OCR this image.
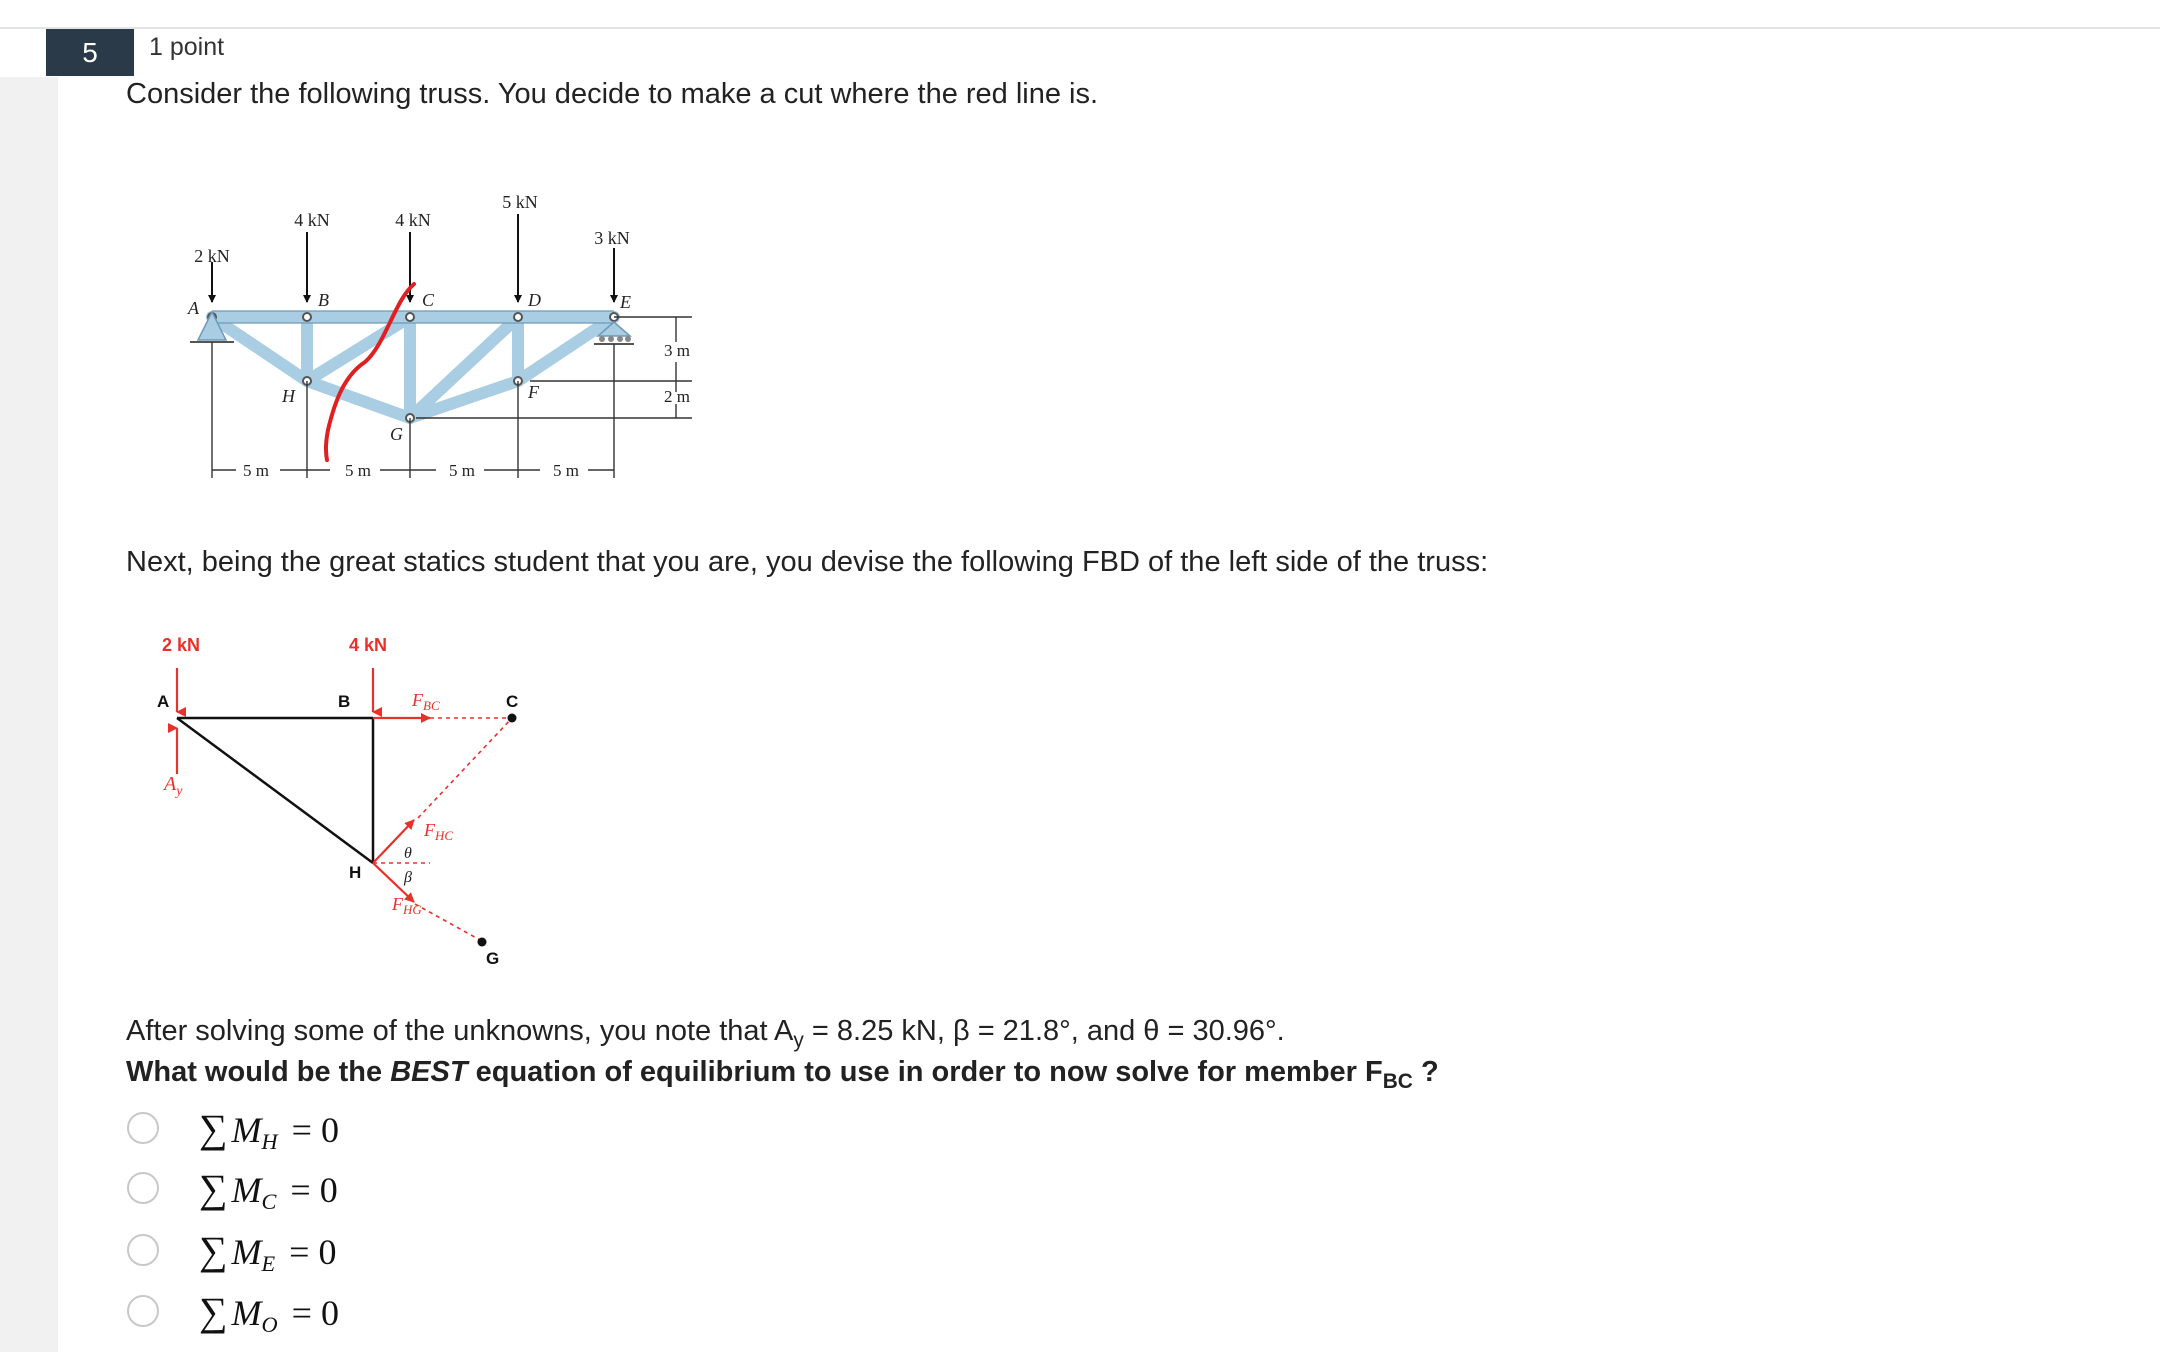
5	1 point
Consider the following truss. You decide to make a cut where the red line is.
5 m	5 m	5 m	5 m
3 m
2 m
2 kN
4 kN	4 kN
5 kN
3 kN
A	B	C	D	E
F
G
H
Next, being the great statics student that you are, you devise the following FBD of the left side of the truss:
2 kN	4 kN
A	B	C
H
G
$A_y$
$F_{BC}$
$F_{HC}$
$F_{HG}$
θ
β
After solving some of the unknowns, you note that $A_y = 8.25$ kN, β = 21.8°, and θ = 30.96°.
What would be the BEST equation of equilibrium to use in order to now solve for member $F_{BC}$ ?
∑ $M_H = 0$
∑ $M_C = 0$
∑ $M_E = 0$
∑ $M_O = 0$
